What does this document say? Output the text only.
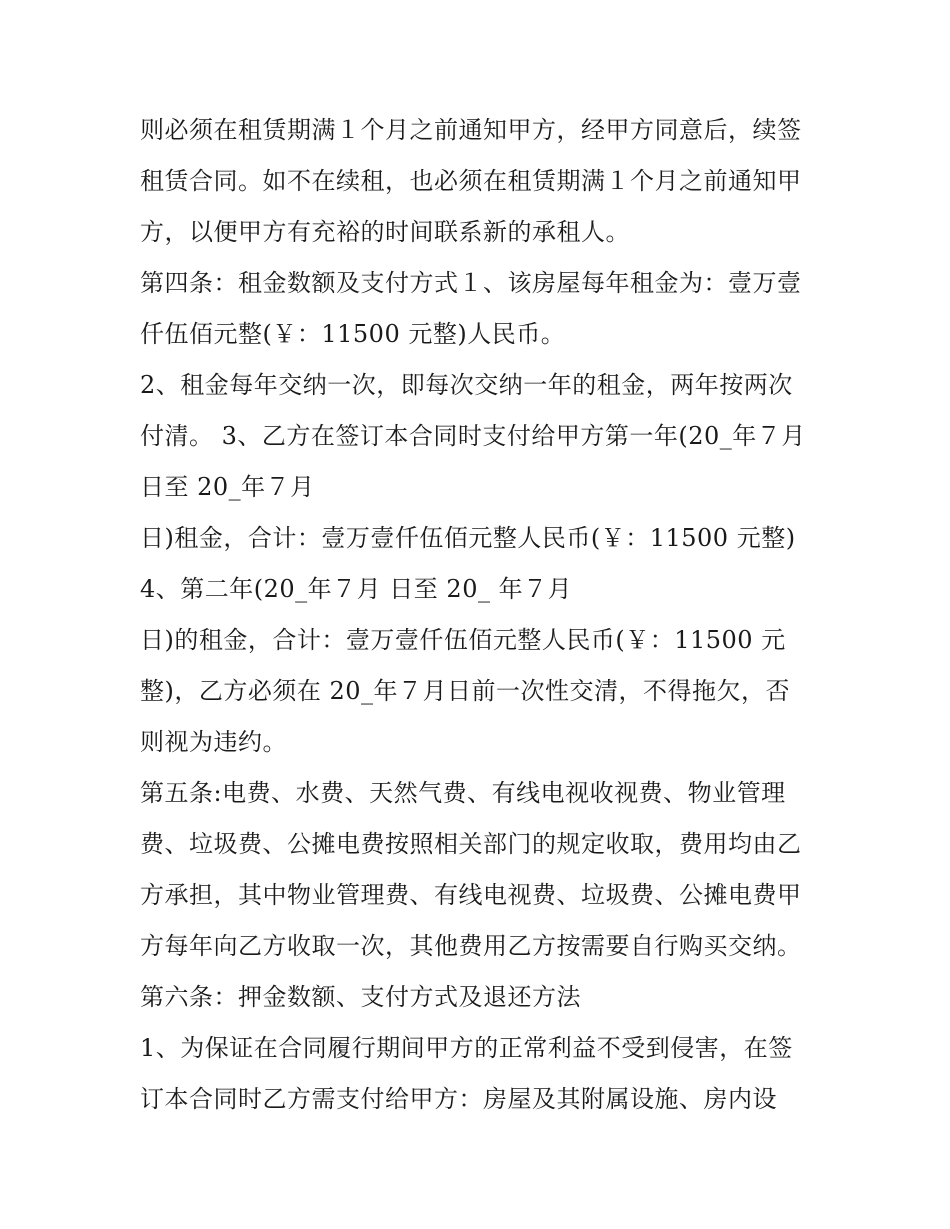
则必须在租赁期满１个月之前通知甲方，经甲方同意后，续签
租赁合同。如不在续租，也必须在租赁期满１个月之前通知甲
方，以便甲方有充裕的时间联系新的承租人。
第四条：租金数额及支付方式１、该房屋每年租金为：壹万壹
仟伍佰元整(￥：11500 元整)人民币。
2、租金每年交纳一次，即每次交纳一年的租金，两年按两次
付清。 3、乙方在签订本合同时支付给甲方第一年(20_年７月
日至 20_年７月
日)租金，合计：壹万壹仟伍佰元整人民币(￥：11500 元整)
4、第二年(20_年７月 日至 20_ 年７月
日)的租金，合计：壹万壹仟伍佰元整人民币(￥：11500 元
整)，乙方必须在 20_年７月日前一次性交清，不得拖欠，否
则视为违约。
第五条:电费、水费、天然气费、有线电视收视费、物业管理
费、垃圾费、公摊电费按照相关部门的规定收取，费用均由乙
方承担，其中物业管理费、有线电视费、垃圾费、公摊电费甲
方每年向乙方收取一次，其他费用乙方按需要自行购买交纳。
第六条：押金数额、支付方式及退还方法
1、为保证在合同履行期间甲方的正常利益不受到侵害，在签
订本合同时乙方需支付给甲方：房屋及其附属设施、房内设
